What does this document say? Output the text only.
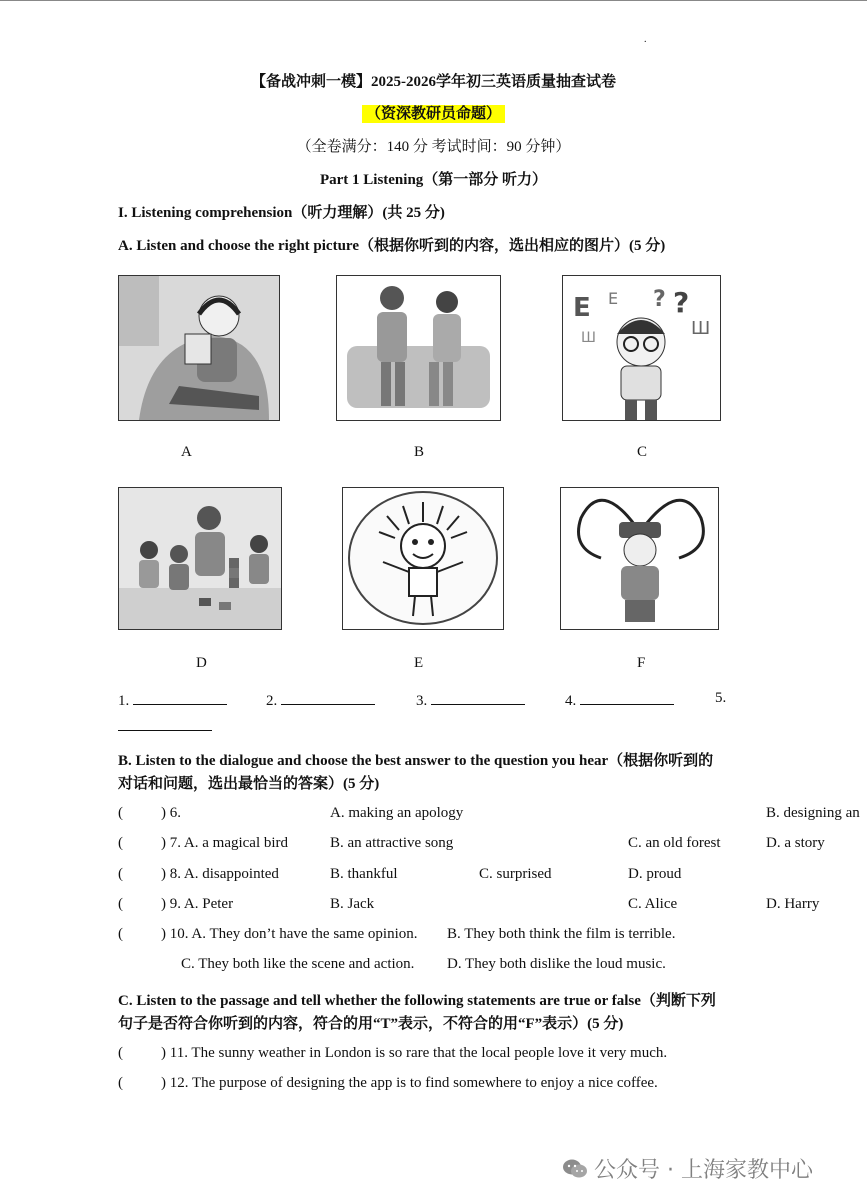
.
【备战冲刺一模】2025-2026学年初三英语质量抽查试卷
（资深教研员命题）
（全卷满分：140 分 考试时间：90 分钟）
Part 1 Listening（第一部分 听力）
I. Listening comprehension（听力理解）(共 25 分)
A. Listen and choose the right picture（根据你听到的内容，选出相应的图片）(5 分)
E E ? ?
Ш
Ш
A	B	C
D	E	F
1.	2.	3.	4.	5.
B. Listen to the dialogue and choose the best answer to the question you hear（根据你听到的
对话和问题，选出最恰当的答案）(5 分)
(	) 6.	A. making an apology	B. designing an
(	) 7. A. a magical bird	B. an attractive song	C. an old forest	D. a story
(	) 8. A. disappointed	B. thankful	C. surprised	D. proud
(	) 9. A. Peter	B. Jack	C. Alice	D. Harry
(	) 10. A. They don’t have the same opinion. B. They both think the film is terrible.
C. They both like the scene and action. D. They both dislike the loud music.
C. Listen to the passage and tell whether the following statements are true or false（判断下列
句子是否符合你听到的内容，符合的用“T”表示，不符合的用“F”表示）(5 分)
(	) 11. The sunny weather in London is so rare that the local people love it very much.
(	) 12. The purpose of designing the app is to find somewhere to enjoy a nice coffee.
公众号 · 上海家教中心
